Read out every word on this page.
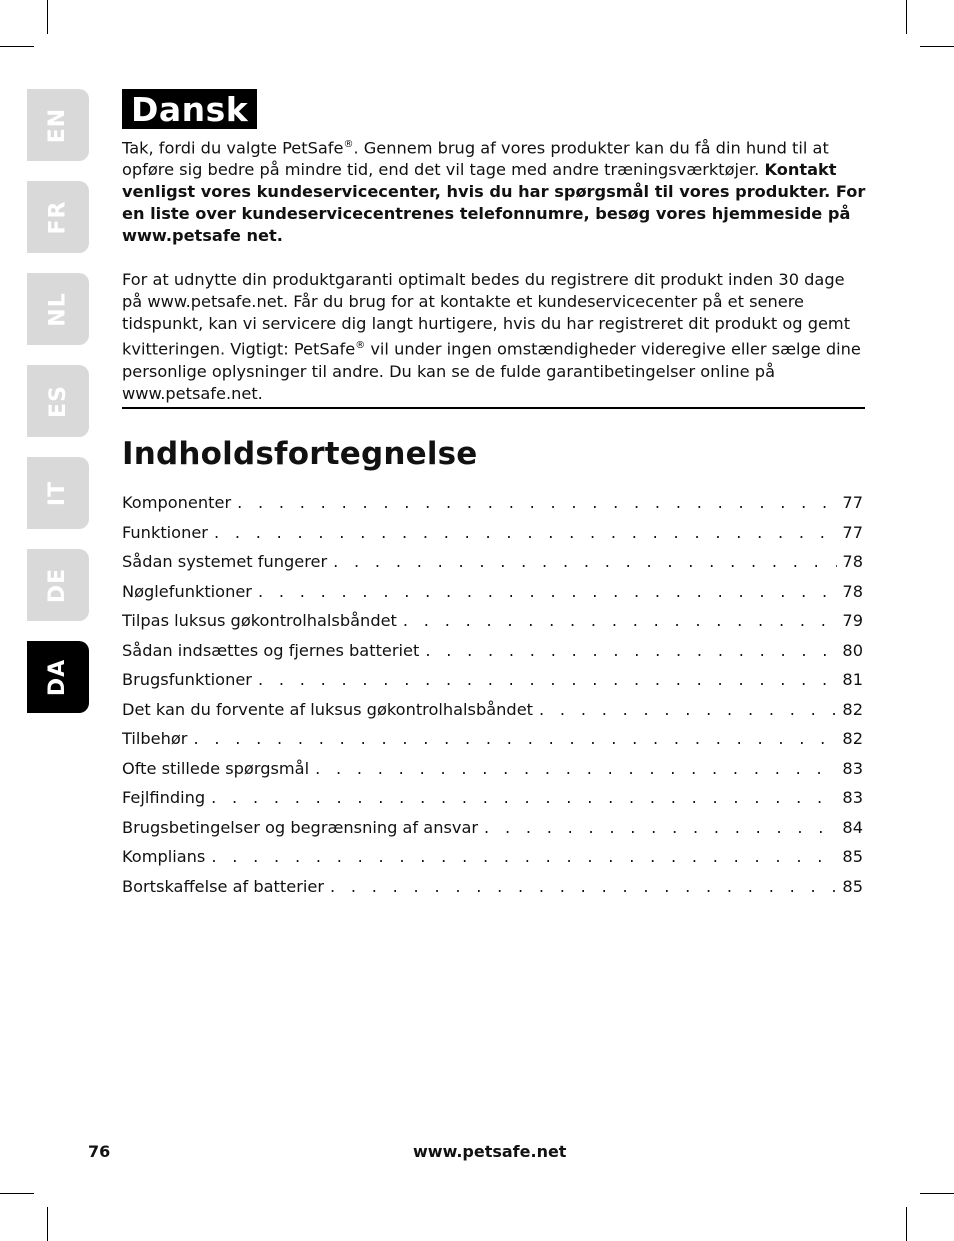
EN
FR
NL
ES
IT
DE
DA
Dansk

Tak, fordi du valgte PetSafe®. Gennem brug af vores produkter kan du få din hund til at opføre sig bedre på mindre tid, end det vil tage med andre træningsværktøjer. Kontakt venligst vores kundeservicecenter, hvis du har spørgsmål til vores produkter. For en liste over kundeservicecentrenes telefonnumre, besøg vores hjemmeside på www.petsafe net.

For at udnytte din produktgaranti optimalt bedes du registrere dit produkt inden 30 dage på www.petsafe.net. Får du brug for at kontakte et kundeservicecenter på et senere tidspunkt, kan vi servicere dig langt hurtigere, hvis du har registreret dit produkt og gemt kvitteringen. Vigtigt: PetSafe® vil under ingen omstændigheder videregive eller sælge dine personlige oplysninger til andre. Du kan se de fulde garantibetingelser online på www.petsafe.net.

Indholdsfortegnelse
Komponenter . . .	77
Funktioner . . .	77
Sådan systemet fungerer . . .	78
Nøglefunktioner . . .	78
Tilpas luksus gøkontrolhalsbåndet . . .	79
Sådan indsættes og fjernes batteriet . . .	80
Brugsfunktioner . . .	81
Det kan du forvente af luksus gøkontrolhalsbåndet . . .	82
Tilbehør . . .	82
Ofte stillede spørgsmål . . .	83
Fejlfinding . . .	83
Brugsbetingelser og begrænsning af ansvar . . .	84
Komplians . . .	85
Bortskaffelse af batterier . . .	85
76	www.petsafe.net
